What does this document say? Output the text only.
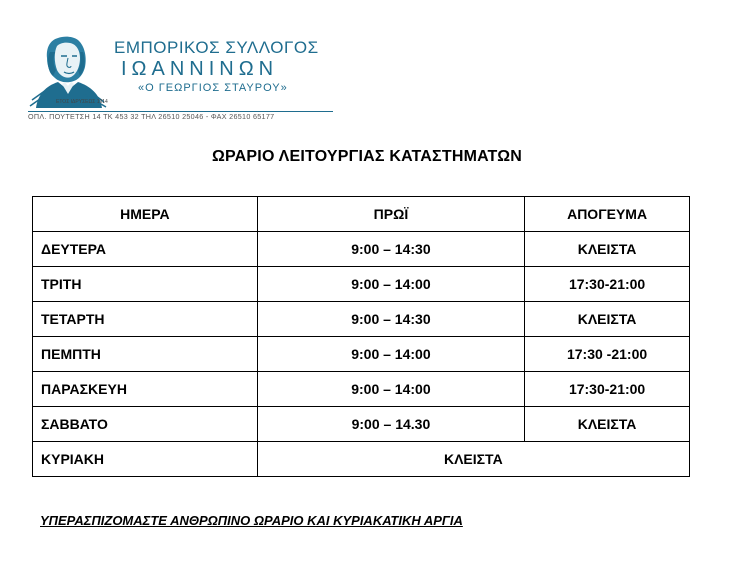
ΕΤΟΣ ΙΔΡΥΣΕΩΣ 1914
ΕΜΠΟΡΙΚΟΣ ΣΥΛΛΟΓΟΣ
ΙΩΑΝΝΙΝΩΝ
«Ο ΓΕΩΡΓΙΟΣ ΣΤΑΥΡΟΥ»
ΟΠΛ. ΠΟΥΤΕΤΣΗ 14 ΤΚ 453 32 ΤΗΛ 26510 25046 - ΦΑΧ 26510 65177
ΩΡΑΡΙΟ ΛΕΙΤΟΥΡΓΙΑΣ ΚΑΤΑΣΤΗΜΑΤΩΝ
ΗΜΕΡΑ	ΠΡΩΪ	ΑΠΟΓΕΥΜΑ
ΔΕΥΤΕΡΑ	9:00 – 14:30	ΚΛΕΙΣΤΑ
ΤΡΙΤΗ	9:00 – 14:00	17:30-21:00
ΤΕΤΑΡΤΗ	9:00 – 14:30	ΚΛΕΙΣΤΑ
ΠΕΜΠΤΗ	9:00 – 14:00	17:30 -21:00
ΠΑΡΑΣΚΕΥΗ	9:00 – 14:00	17:30-21:00
ΣΑΒΒΑΤΟ	9:00 – 14.30	ΚΛΕΙΣΤΑ
ΚΥΡΙΑΚΗ	ΚΛΕΙΣΤΑ	
ΥΠΕΡΑΣΠΙΖΟΜΑΣΤΕ ΑΝΘΡΩΠΙΝΟ ΩΡΑΡΙΟ ΚΑΙ ΚΥΡΙΑΚΑΤΙΚΗ ΑΡΓΙΑ
